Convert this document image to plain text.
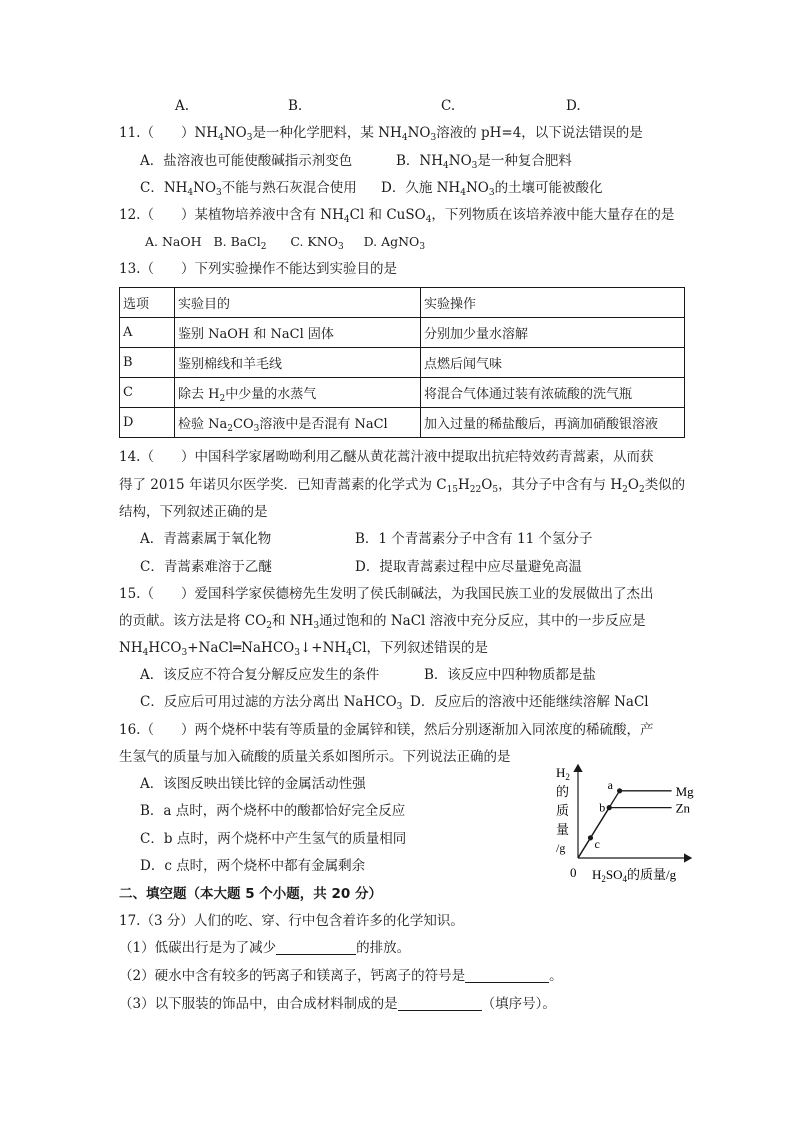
A.	B.	C.	D.
11.（　　）$NH_4NO_3$是一种化学肥料，某 $NH_4NO_3$溶液的 pH=4，以下说法错误的是
A．盐溶液也可能使酸碱指示剂变色	B．$NH_4NO_3$是一种复合肥料
C．$NH_4NO_3$不能与熟石灰混合使用 D．久施 $NH_4NO_3$的土壤可能被酸化
12.（　　）某植物培养液中含有 $NH_4Cl$ 和 CuSO$_4$，下列物质在该培养液中能大量存在的是
A. NaOH B. BaCl$_2$ C. $KNO_3$ D. AgNO$_3$
13.（　　）下列实验操作不能达到实验目的是
选项	实验目的	实验操作
A	鉴别 NaOH 和 NaCl 固体	分别加少量水溶解
B	鉴别棉线和羊毛线	点燃后闻气味
C	除去 $H_2$中少量的水蒸气	将混合气体通过装有浓硫酸的洗气瓶
D	检验 $Na_2CO_3$溶液中是否混有 NaCl	加入过量的稀盐酸后，再滴加硝酸银溶液
14.（　　）中国科学家屠呦呦利用乙醚从黄花蒿汁液中提取出抗疟特效药青蒿素，从而获
得了 2015 年诺贝尔医学奖．已知青蒿素的化学式为 $C_{15}H_{22}O_5$，其分子中含有与 $H_2O_2$类似的
结构，下列叙述正确的是
A．青蒿素属于氧化物	B．1 个青蒿素分子中含有 11 个氢分子
C．青蒿素难溶于乙醚	D．提取青蒿素过程中应尽量避免高温
15.（　　）爱国科学家侯德榜先生发明了侯氏制碱法，为我国民族工业的发展做出了杰出
的贡献。该方法是将 $CO_2$和 $NH_3$通过饱和的 NaCl 溶液中充分反应，其中的一步反应是
$NH_4HCO_3+NaCl═NaHCO_3↓+NH_4Cl$，下列叙述错误的是
A．该反应不符合复分解反应发生的条件	B．该反应中四种物质都是盐
C．反应后可用过滤的方法分离出 NaHCO$_3$ D．反应后的溶液中还能继续溶解 NaCl
16.（　　）两个烧杯中装有等质量的金属锌和镁，然后分别逐渐加入同浓度的稀硫酸，产
生氢气的质量与加入硫酸的质量关系如图所示。下列说法正确的是
A．该图反映出镁比锌的金属活动性强
B．a 点时，两个烧杯中的酸都恰好完全反应
C．b 点时，两个烧杯中产生氢气的质量相同
D．c 点时，两个烧杯中都有金属剩余
Mg
Zn
a
b
c
$H_2$
的
质
量
/g
0 $H_2SO_4$的质量/g
二、填空题（本大题 5 个小题，共 20 分）
17.（3 分）人们的吃、穿、行中包含着许多的化学知识。
（1）低碳出行是为了减少	的排放。
（2）硬水中含有较多的钙离子和镁离子，钙离子的符号是	。
（3）以下服装的饰品中，由合成材料制成的是	（填序号）。
